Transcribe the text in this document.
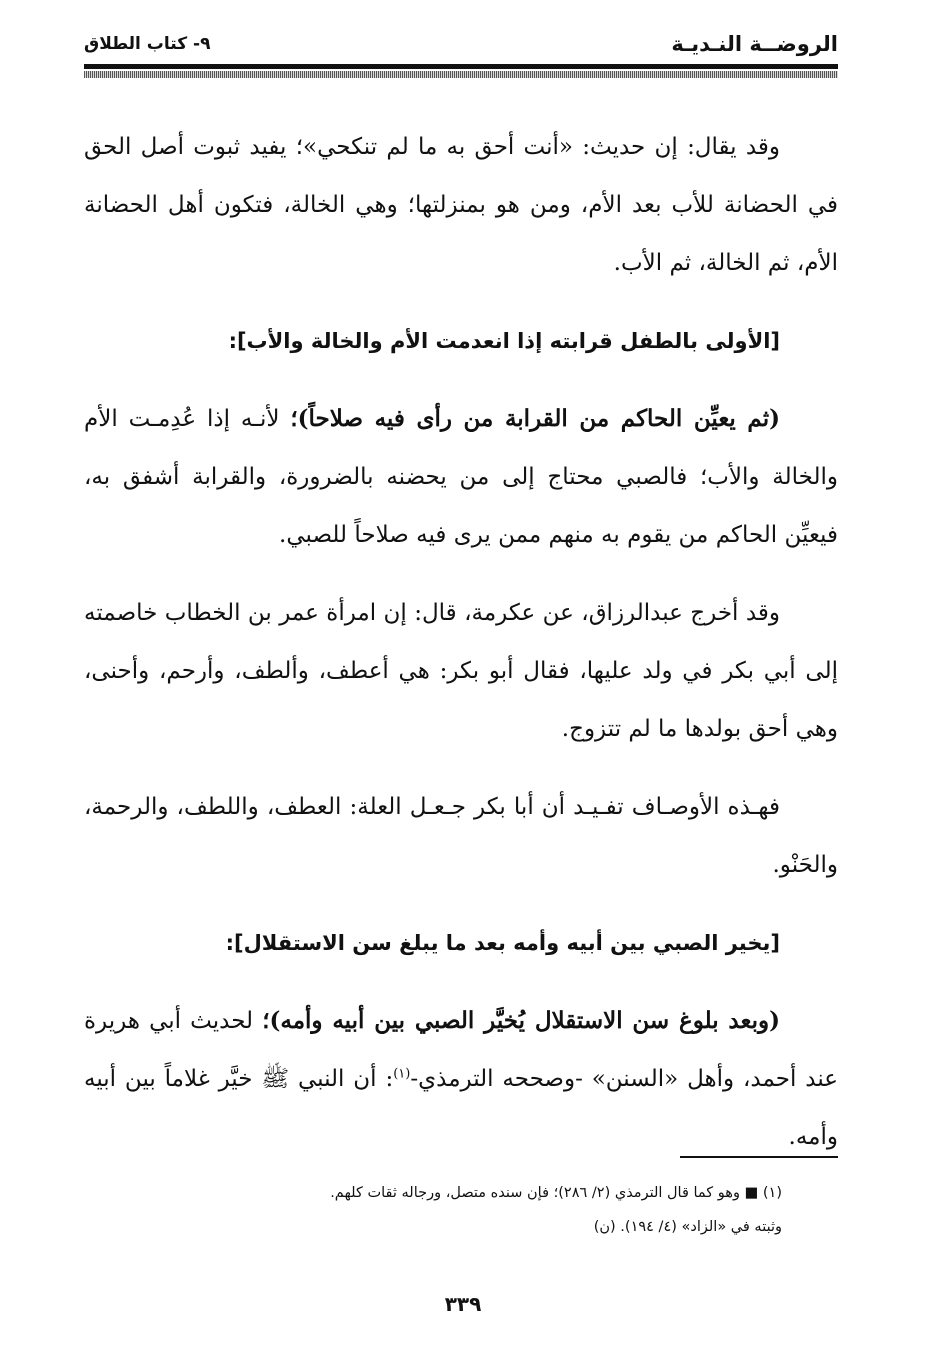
الروضــة النـديـة
٩- كتاب الطلاق

وقد يقال: إن حديث: «أنت أحق به ما لم تنكحي»؛ يفيد ثبوت أصل الحق في الحضانة للأب بعد الأم، ومن هو بمنزلتها؛ وهي الخالة، فتكون أهل الحضانة الأم، ثم الخالة، ثم الأب.

[الأولى بالطفل قرابته إذا انعدمت الأم والخالة والأب]:

(ثم يعيِّن الحاكم من القرابة من رأى فيه صلاحاً)؛ لأنـه إذا عُدِمـت الأم والخالة والأب؛ فالصبي محتاج إلى من يحضنه بالضرورة، والقرابة أشفق به، فيعيِّن الحاكم من يقوم به منهم ممن يرى فيه صلاحاً للصبي.

وقد أخرج عبدالرزاق، عن عكرمة، قال: إن امرأة عمر بن الخطاب خاصمته إلى أبي بكر في ولد عليها، فقال أبو بكر: هي أعطف، وألطف، وأرحم، وأحنى، وهي أحق بولدها ما لم تتزوج.

فهـذه الأوصـاف تفـيـد أن أبا بكر جـعـل العلة: العطف، واللطف، والرحمة، والحَنْو.

[يخير الصبي بين أبيه وأمه بعد ما يبلغ سن الاستقلال]:

(وبعد بلوغ سن الاستقلال يُخيَّر الصبي بين أبيه وأمه)؛ لحديث أبي هريرة عند أحمد، وأهل «السنن» -وصححه الترمذي-$^{(١)}$: أن النبي ﷺ خيَّر غلاماً بين أبيه وأمه.

(١) ■ وهو كما قال الترمذي (٢/ ٢٨٦)؛ فإن سنده متصل، ورجاله ثقات كلهم.

وثبته في «الزاد» (٤/ ١٩٤). (ن)

٣٣٩
